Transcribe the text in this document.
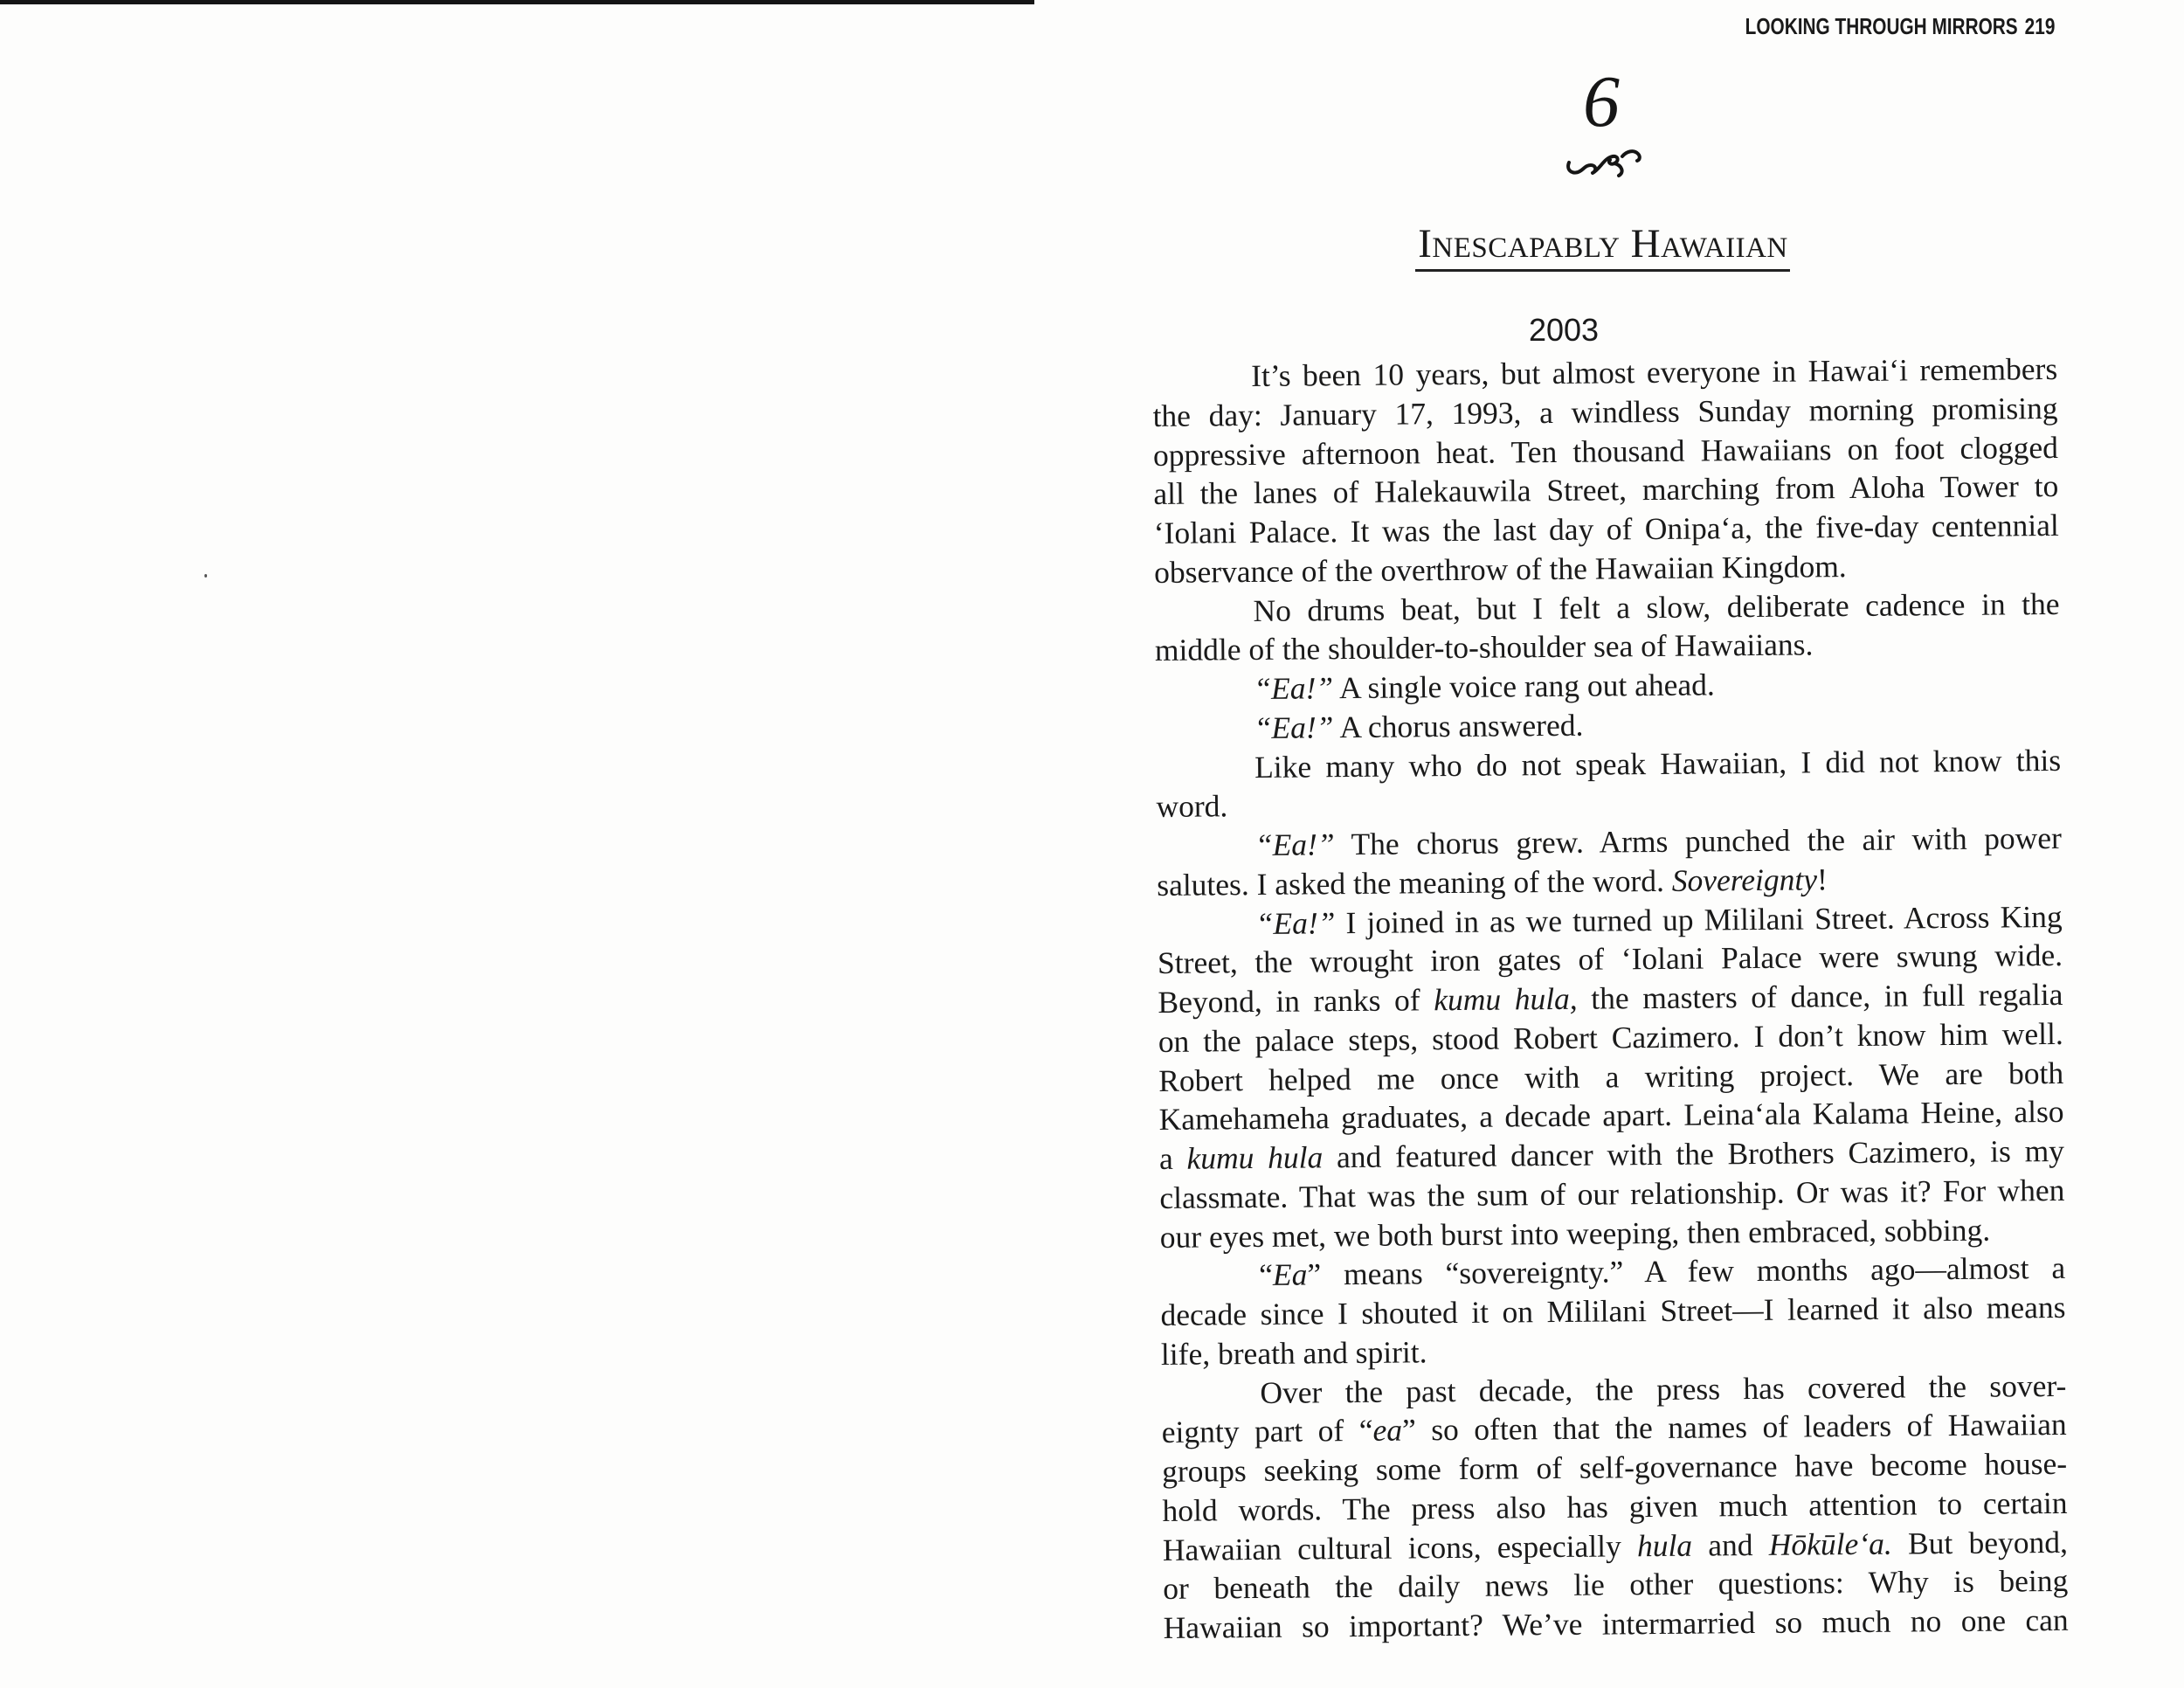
LOOKING THROUGH MIRRORS 219
6
Inescapably Hawaiian
2003
It’s been 10 years, but almost everyone in Hawai‘i remembers
the day: January 17, 1993, a windless Sunday morning promising
oppressive afternoon heat. Ten thousand Hawaiians on foot clogged
all the lanes of Halekauwila Street, marching from Aloha Tower to
‘Iolani Palace. It was the last day of Onipa‘a, the five-day centennial
observance of the overthrow of the Hawaiian Kingdom.
No drums beat, but I felt a slow, deliberate cadence in the
middle of the shoulder-to-shoulder sea of Hawaiians.
“Ea!” A single voice rang out ahead.
“Ea!” A chorus answered.
Like many who do not speak Hawaiian, I did not know this
word.
“Ea!” The chorus grew. Arms punched the air with power
salutes. I asked the meaning of the word. Sovereignty!
“Ea!” I joined in as we turned up Mililani Street. Across King
Street, the wrought iron gates of ‘Iolani Palace were swung wide.
Beyond, in ranks of kumu hula, the masters of dance, in full regalia
on the palace steps, stood Robert Cazimero. I don’t know him well.
Robert helped me once with a writing project. We are both
Kamehameha graduates, a decade apart. Leina‘ala Kalama Heine, also
a kumu hula and featured dancer with the Brothers Cazimero, is my
classmate. That was the sum of our relationship. Or was it? For when
our eyes met, we both burst into weeping, then embraced, sobbing.
“Ea” means “sovereignty.” A few months ago—almost a
decade since I shouted it on Mililani Street—I learned it also means
life, breath and spirit.
Over the past decade, the press has covered the sover-
eignty part of “ea” so often that the names of leaders of Hawaiian
groups seeking some form of self-governance have become house-
hold words. The press also has given much attention to certain
Hawaiian cultural icons, especially hula and Hōkūle‘a. But beyond,
or beneath the daily news lie other questions: Why is being
Hawaiian so important? We’ve intermarried so much no one can
